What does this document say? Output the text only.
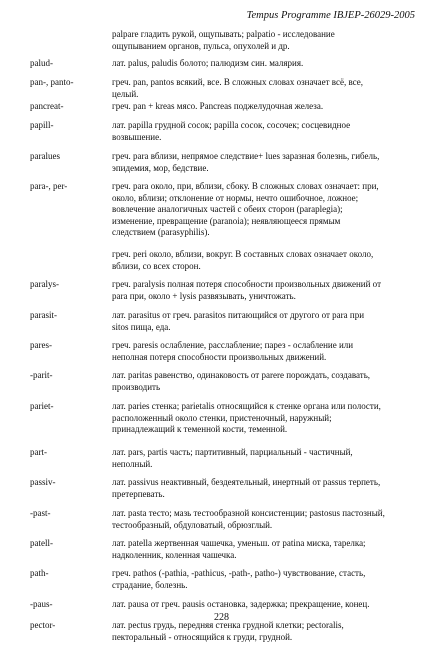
Tempus Programme IBJEP-26029-2005
palpare гладить рукой, ощупывать; palpatio - исследование
ощупыванием органов, пульса, опухолей и др.
palud-	лат. palus, paludis болото; палюдизм син. малярия.
pan-, panto-	греч. pan, pantos всякий, все. В сложных словах означает всё, все,
целый.
pancreat-	греч. pan + kreas мясо. Pancreas поджелудочная железа.
papill-	лат. papilla грудной сосок; papilla сосок, сосочек; сосцевидное
возвышение.
paralues	греч. para вблизи, непрямое следствие+ lues заразная болезнь, гибель,
эпидемия, мор, бедствие.
para-, per-	греч. para около, при, вблизи, сбоку. В сложных словах означает: при,
около, вблизи; отклонение от нормы, нечто ошибочное, ложное;
вовлечение аналогичных частей с обеих сторон (paraplegia);
изменение, превращение (paranoia); неявляющееся прямым
следствием (parasyphilis).
греч. peri около, вблизи, вокруг. В составных словах означает около,
вблизи, со всех сторон.
paralys-	греч. paralysis полная потеря способности произвольных движений от
para при, около + lysis развязывать, уничтожать.
parasit-	лат. parasitus от греч. parasitos питающийся от другого от para при
sitos пища, еда.
pares-	греч. paresis ослабление, расслабление; парез - ослабление или
неполная потеря способности произвольных движений.
-parit-	лат. paritas равенство, одинаковость от parere порождать, создавать,
производить
pariet-	лат. paries стенка; parietalis относящийся к стенке органа или полости,
расположенный около стенки, пристеночный, наружный;
принадлежащий к теменной кости, теменной.
part-	лат. pars, partis часть; партитивный, парциальный - частичный,
неполный.
passiv-	лат. passivus неактивный, бездеятельный, инертный от passus терпеть,
претерпевать.
-past-	лат. pasta тесто; мазь тестообразной консистенции; pastosus пастозный,
тестообразный, обдуловатый, обрюзглый.
patell-	лат. patella жертвенная чашечка, уменьш. от patina миска, тарелка;
надколенник, коленная чашечка.
path-	греч. pathos (-pathia, -pathicus, -path-, patho-) чувствование, стасть,
страдание, болезнь.
-paus-	лат. pausa от греч. pausis остановка, задержка; прекращение, конец.
pector-	лат. pectus грудь, передняя стенка грудной клетки; pectoralis,
пекторальный - относящийся к груди, грудной.
228
